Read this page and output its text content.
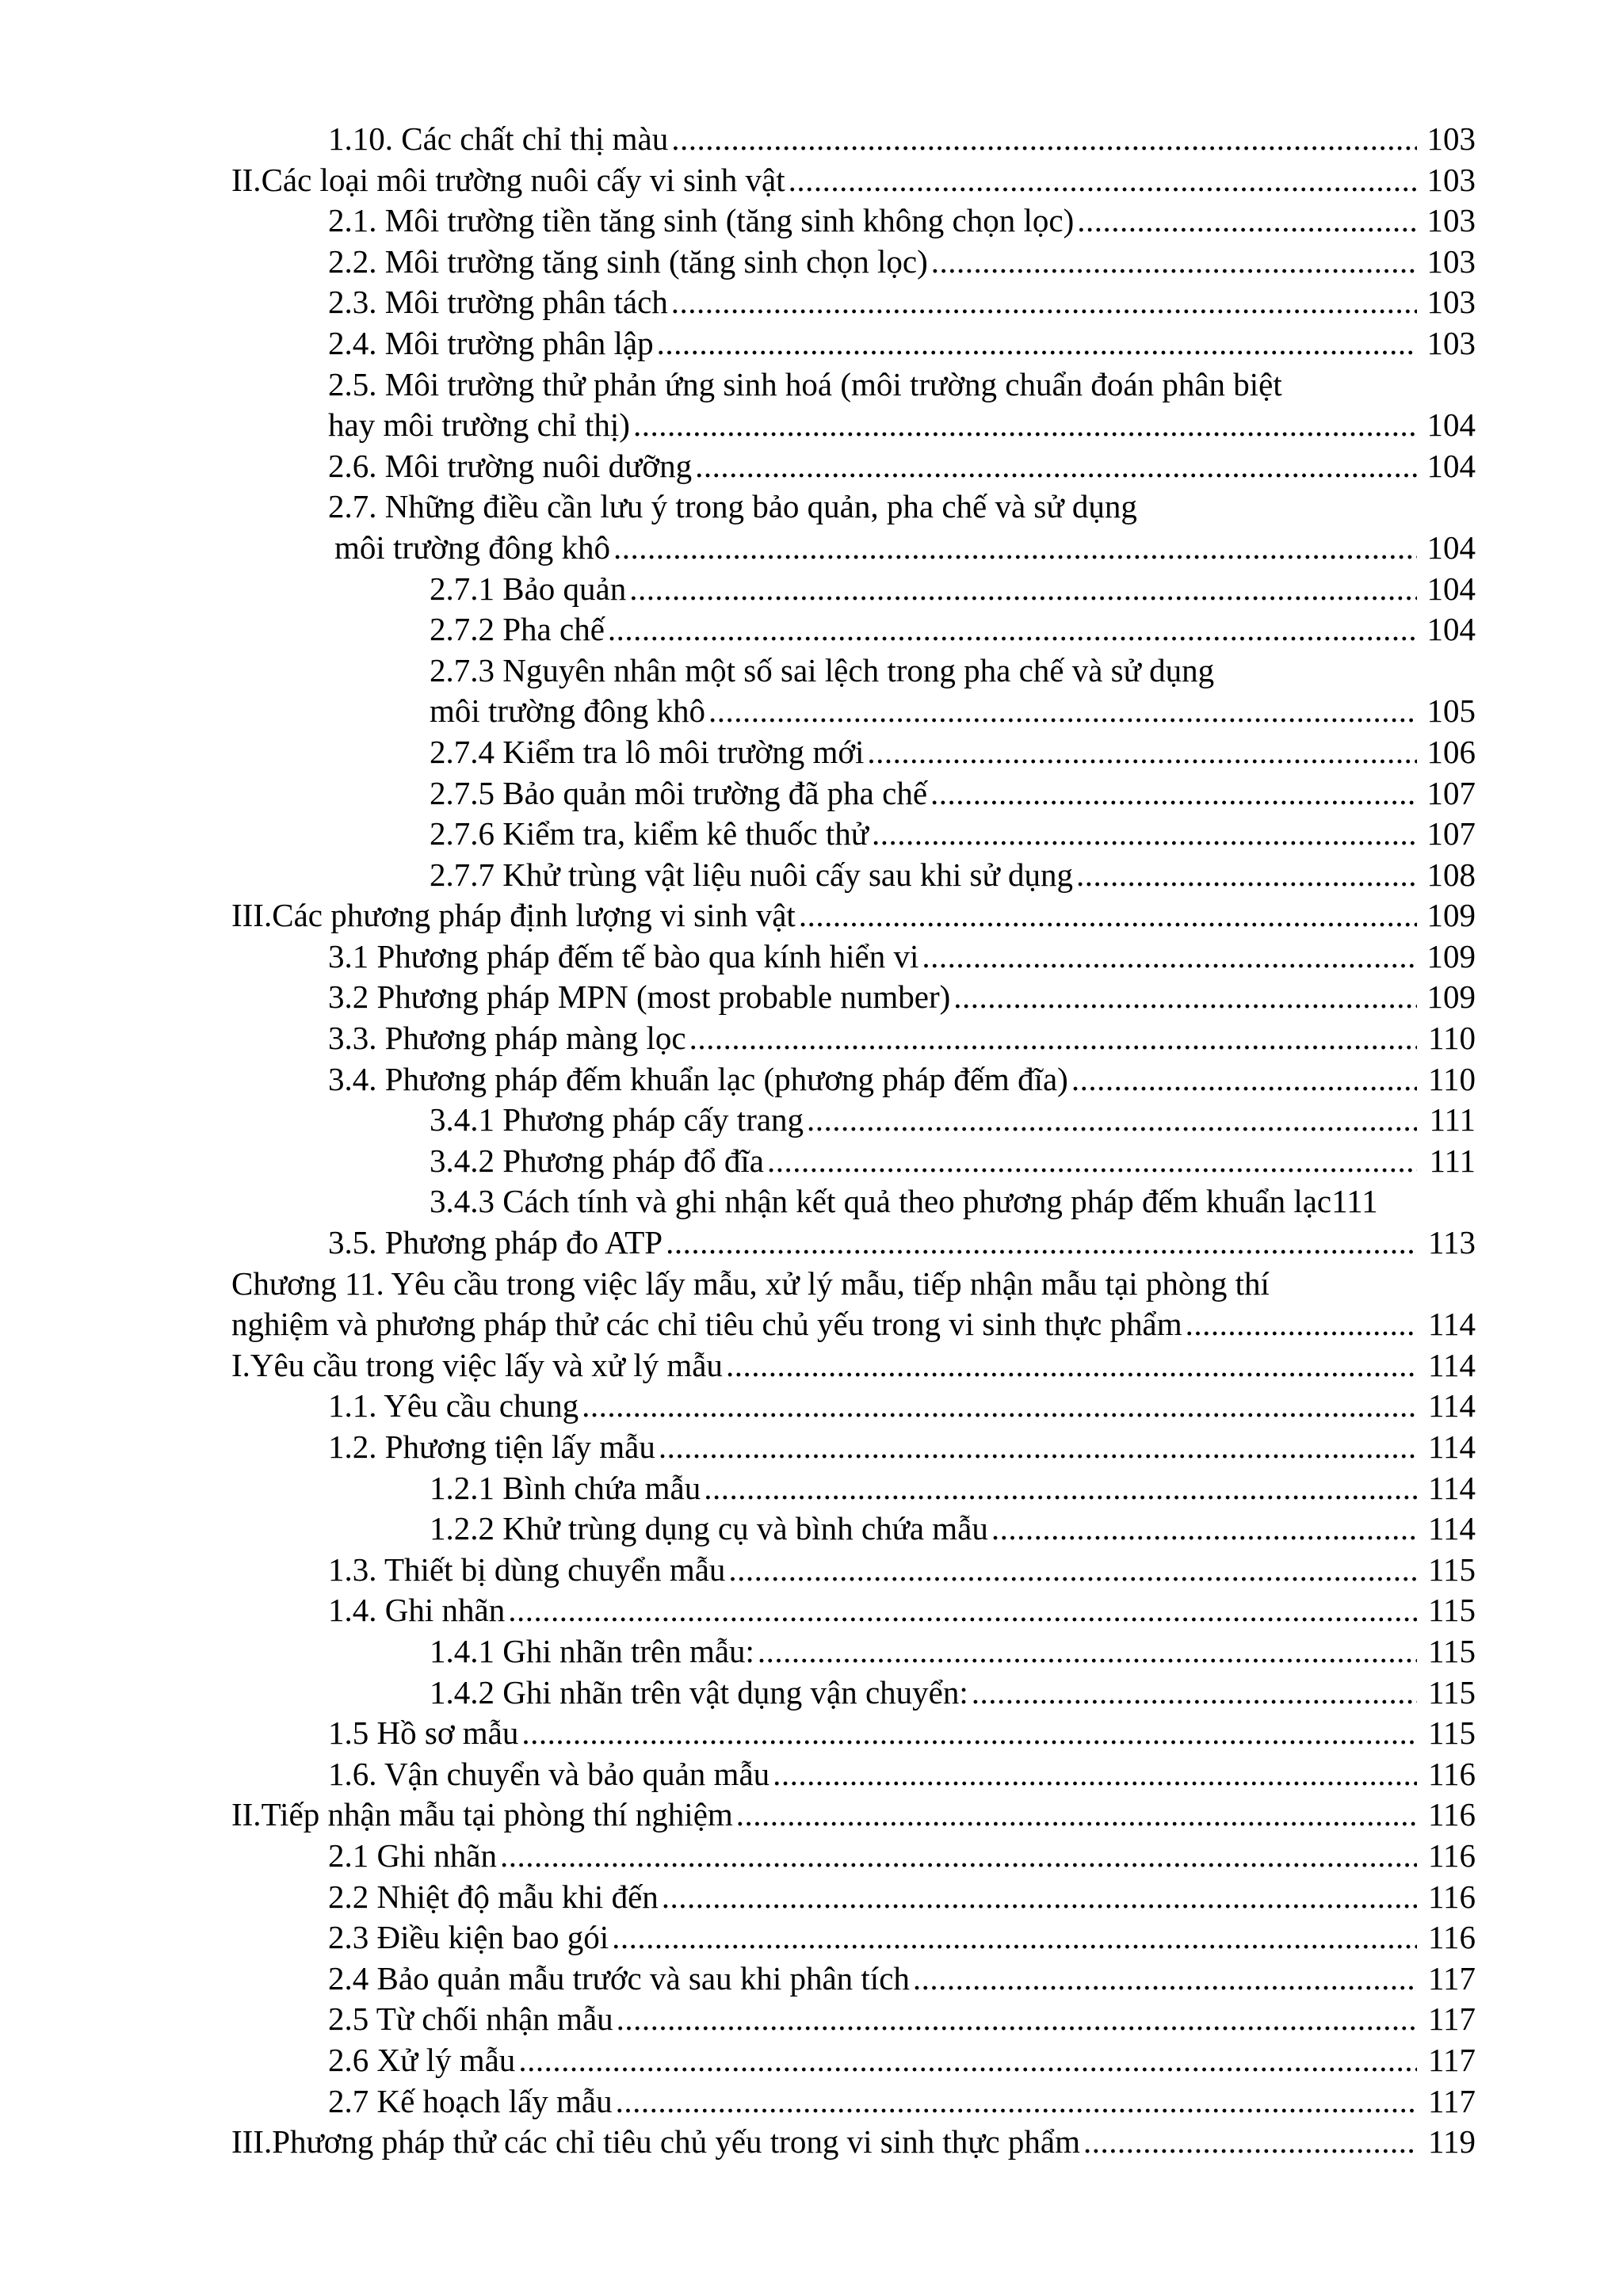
1.10. Các chất chỉ thị màu .....	103
II. Các loại môi trường nuôi cấy vi sinh vật .....	103
2.1. Môi trường tiền tăng sinh (tăng sinh không chọn lọc) .....	103
2.2. Môi trường tăng sinh (tăng sinh chọn lọc) .....	103
2.3. Môi trường phân tách .....	103
2.4. Môi trường phân lập .....	103
2.5. Môi trường thử phản ứng sinh hoá (môi trường chuẩn đoán phân biệt
hay môi trường chỉ thị) .....	104
2.6. Môi trường nuôi dưỡng .....	104
2.7. Những điều cần lưu ý trong bảo quản, pha chế và sử dụng
môi trường đông khô .....	104
2.7.1 Bảo quản .....	104
2.7.2 Pha chế .....	104
2.7.3 Nguyên nhân một số sai lệch trong pha chế và sử dụng
môi trường đông khô .....	105
2.7.4 Kiểm tra lô môi trường mới .....	106
2.7.5 Bảo quản môi trường đã pha chế .....	107
2.7.6 Kiểm tra, kiểm kê thuốc thử .....	107
2.7.7 Khử trùng vật liệu nuôi cấy sau khi sử dụng .....	108
III. Các phương pháp định lượng vi sinh vật .....	109
3.1 Phương pháp đếm tế bào qua kính hiển vi .....	109
3.2 Phương pháp MPN (most probable number) .....	109
3.3. Phương pháp màng lọc .....	110
3.4. Phương pháp đếm khuẩn lạc (phương pháp đếm đĩa) .....	110
3.4.1 Phương pháp cấy trang .....	111
3.4.2 Phương pháp đổ đĩa .....	111
3.4.3 Cách tính và ghi nhận kết quả theo phương pháp đếm khuẩn lạc111
3.5. Phương pháp đo ATP .....	113
Chương 11. Yêu cầu trong việc lấy mẫu, xử lý mẫu, tiếp nhận mẫu tại phòng thí
nghiệm và phương pháp thử các chỉ tiêu chủ yếu trong vi sinh thực phẩm .....	114
I. Yêu cầu trong việc lấy và xử lý mẫu .....	114
1.1. Yêu cầu chung .....	114
1.2. Phương tiện lấy mẫu .....	114
1.2.1 Bình chứa mẫu .....	114
1.2.2 Khử trùng dụng cụ và bình chứa mẫu .....	114
1.3. Thiết bị dùng chuyển mẫu .....	115
1.4. Ghi nhãn .....	115
1.4.1 Ghi nhãn trên mẫu: .....	115
1.4.2 Ghi nhãn trên vật dụng vận chuyển: .....	115
1.5 Hồ sơ mẫu .....	115
1.6. Vận chuyển và bảo quản mẫu .....	116
II. Tiếp nhận mẫu tại phòng thí nghiệm .....	116
2.1 Ghi nhãn .....	116
2.2 Nhiệt độ mẫu khi đến .....	116
2.3 Điều kiện bao gói .....	116
2.4 Bảo quản mẫu trước và sau khi phân tích .....	117
2.5 Từ chối nhận mẫu .....	117
2.6 Xử lý mẫu .....	117
2.7 Kế hoạch lấy mẫu .....	117
III. Phương pháp thử các chỉ tiêu chủ yếu trong vi sinh thực phẩm .....	119
